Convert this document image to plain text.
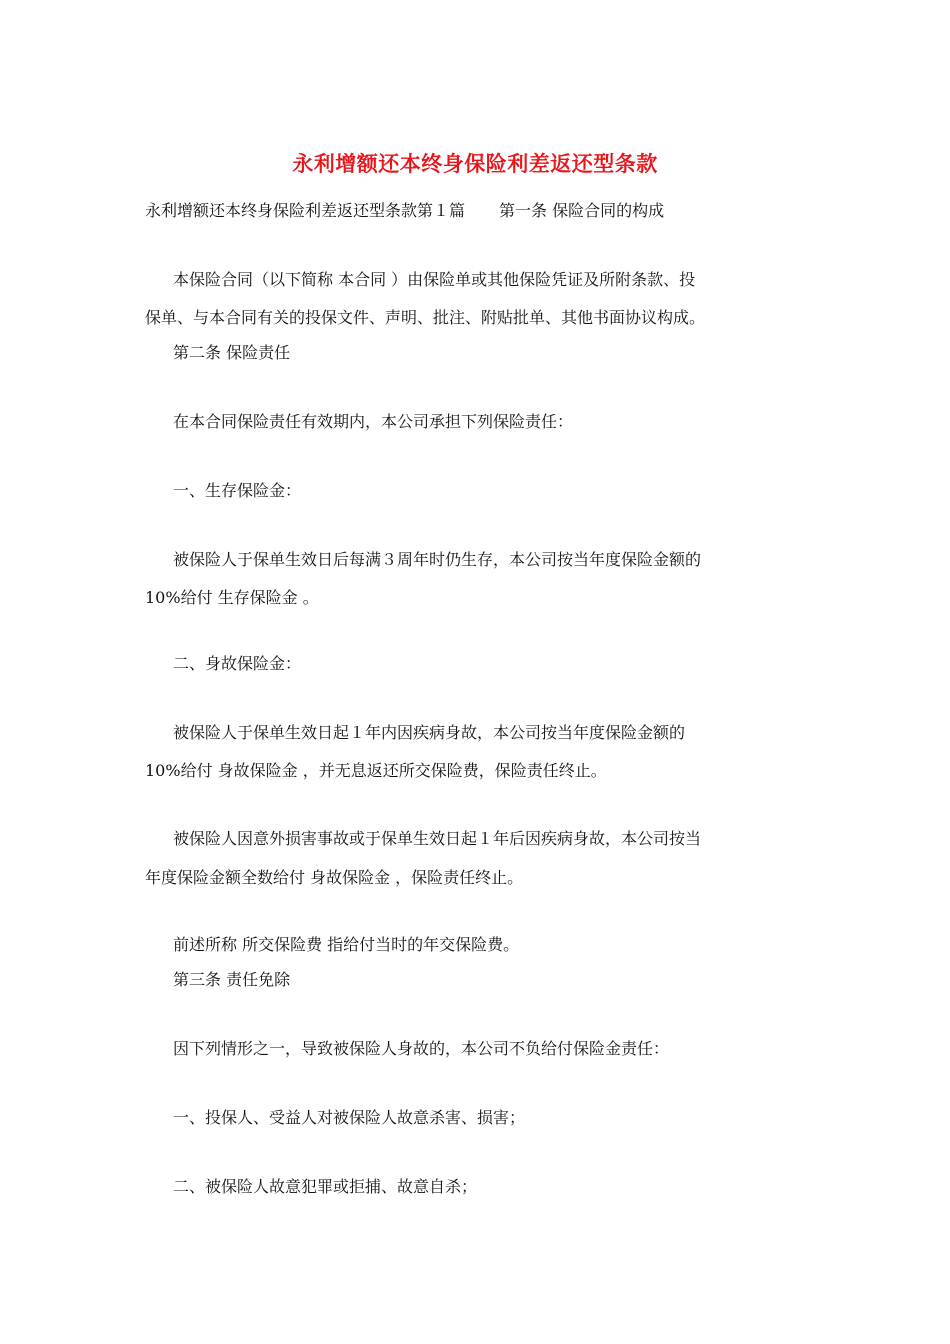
永利增额还本终身保险利差返还型条款
永利增额还本终身保险利差返还型条款第１篇 第一条 保险合同的构成
本保险合同（以下简称 本合同 ）由保险单或其他保险凭证及所附条款、投
保单、与本合同有关的投保文件、声明、批注、附贴批单、其他书面协议构成。
第二条 保险责任
在本合同保险责任有效期内，本公司承担下列保险责任：
一、生存保险金：
被保险人于保单生效日后每满３周年时仍生存，本公司按当年度保险金额的
10%给付 生存保险金 。
二、身故保险金：
被保险人于保单生效日起１年内因疾病身故，本公司按当年度保险金额的
10%给付 身故保险金 ，并无息返还所交保险费，保险责任终止。
被保险人因意外损害事故或于保单生效日起１年后因疾病身故，本公司按当
年度保险金额全数给付 身故保险金 ，保险责任终止。
前述所称 所交保险费 指给付当时的年交保险费。
第三条 责任免除
因下列情形之一，导致被保险人身故的，本公司不负给付保险金责任：
一、投保人、受益人对被保险人故意杀害、损害；
二、被保险人故意犯罪或拒捕、故意自杀；
